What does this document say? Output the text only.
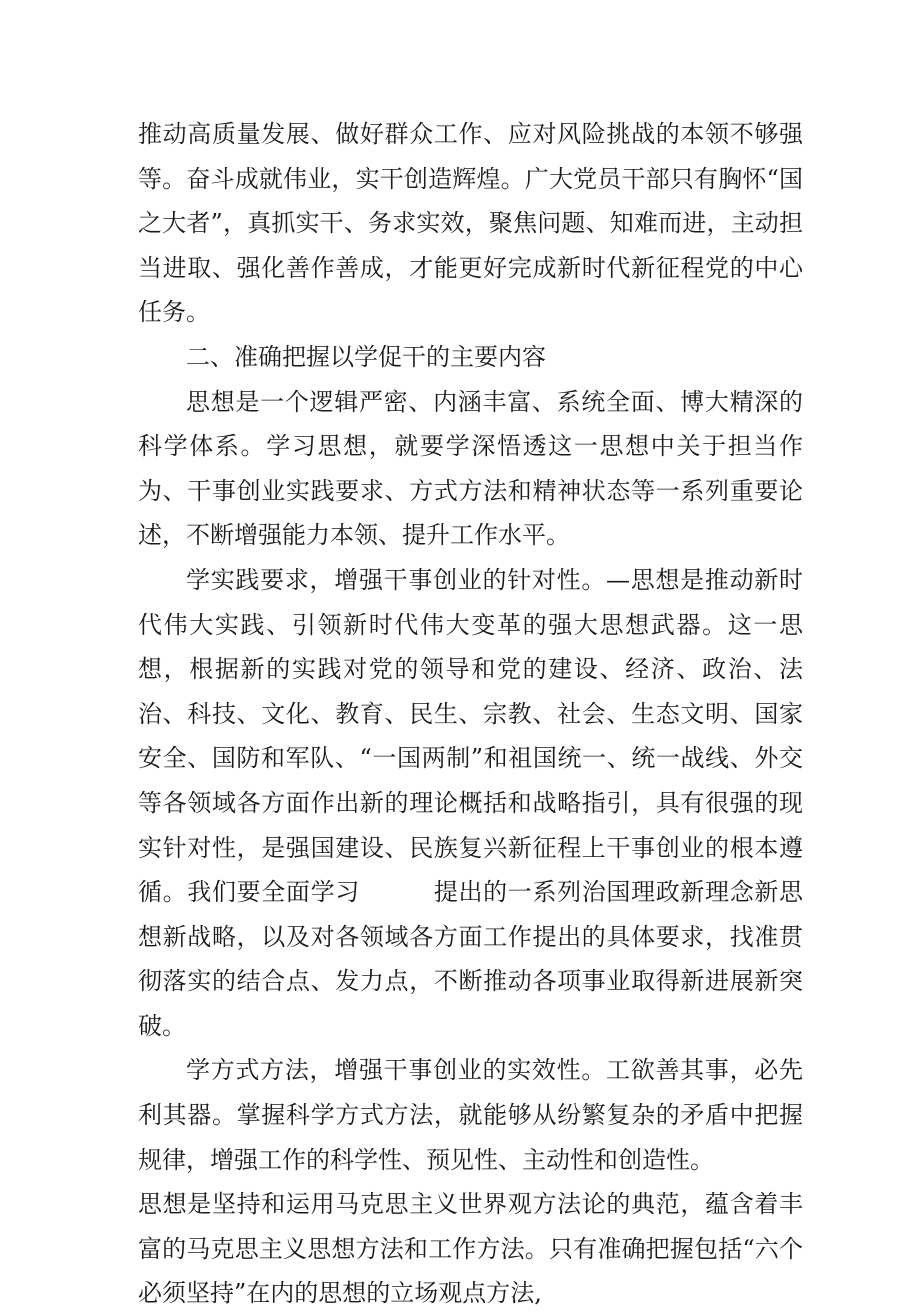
推动高质量发展、做好群众工作、应对风险挑战的本领不够强等。奋斗成就伟业，实干创造辉煌。广大党员干部只有胸怀“国之大者”，真抓实干、务求实效，聚焦问题、知难而进，主动担当进取、强化善作善成，才能更好完成新时代新征程党的中心任务。

二、准确把握以学促干的主要内容

思想是一个逻辑严密、内涵丰富、系统全面、博大精深的科学体系。学习思想，就要学深悟透这一思想中关于担当作为、干事创业实践要求、方式方法和精神状态等一系列重要论述，不断增强能力本领、提升工作水平。

学实践要求，增强干事创业的针对性。—思想是推动新时代伟大实践、引领新时代伟大变革的强大思想武器。这一思想，根据新的实践对党的领导和党的建设、经济、政治、法治、科技、文化、教育、民生、宗教、社会、生态文明、国家安全、国防和军队、“一国两制”和祖国统一、统一战线、外交等各领域各方面作出新的理论概括和战略指引，具有很强的现实针对性，是强国建设、民族复兴新征程上干事创业的根本遵循。我们要全面学习　　　提出的一系列治国理政新理念新思想新战略，以及对各领域各方面工作提出的具体要求，找准贯彻落实的结合点、发力点，不断推动各项事业取得新进展新突破。

学方式方法，增强干事创业的实效性。工欲善其事，必先利其器。掌握科学方式方法，就能够从纷繁复杂的矛盾中把握规律，增强工作的科学性、预见性、主动性和创造性。

思想是坚持和运用马克思主义世界观方法论的典范，蕴含着丰富的马克思主义思想方法和工作方法。只有准确把握包括“六个必须坚持”在内的思想的立场观点方法,
